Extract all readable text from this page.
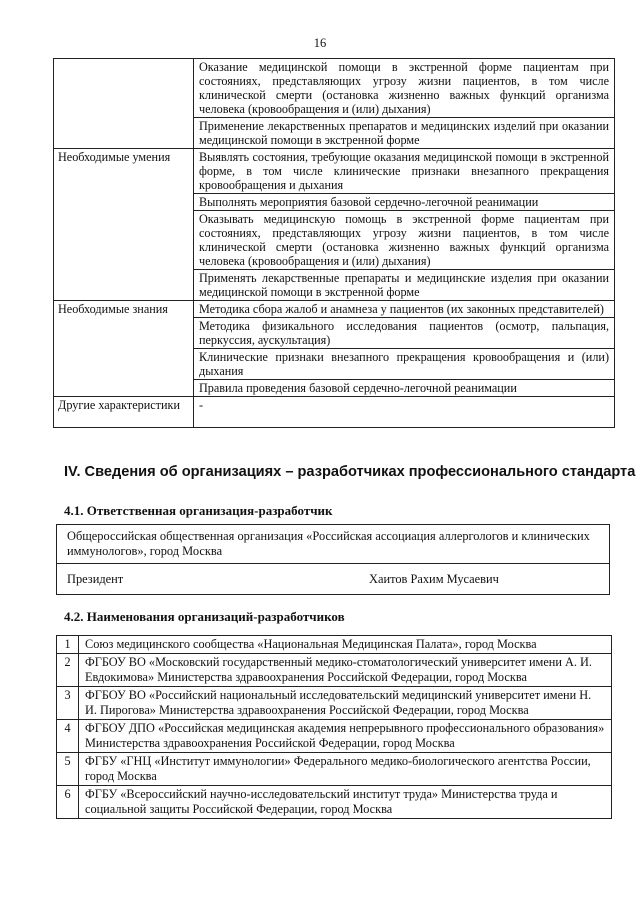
16
	Оказание медицинской помощи в экстренной форме пациентам при состояниях, представляющих угрозу жизни пациентов, в том числе клинической смерти (остановка жизненно важных функций организма человека (кровообращения и (или) дыхания)
	Применение лекарственных препаратов и медицинских изделий при оказании медицинской помощи в экстренной форме
Необходимые умения	Выявлять состояния, требующие оказания медицинской помощи в экстренной форме, в том числе клинические признаки внезапного прекращения кровообращения и дыхания
	Выполнять мероприятия базовой сердечно-легочной реанимации
	Оказывать медицинскую помощь в экстренной форме пациентам при состояниях, представляющих угрозу жизни пациентов, в том числе клинической смерти (остановка жизненно важных функций организма человека (кровообращения и (или) дыхания)
	Применять лекарственные препараты и медицинские изделия при оказании медицинской помощи в экстренной форме
Необходимые знания	Методика сбора жалоб и анамнеза у пациентов (их законных представителей)
	Методика физикального исследования пациентов (осмотр, пальпация, перкуссия, аускультация)
	Клинические признаки внезапного прекращения кровообращения и (или) дыхания
	Правила проведения базовой сердечно-легочной реанимации
Другие характеристики	-
IV. Сведения об организациях – разработчиках профессионального стандарта
4.1. Ответственная организация-разработчик
Общероссийская общественная организация «Российская ассоциация аллергологов и клинических иммунологов», город Москва
Президент	Хаитов Рахим Мусаевич
4.2. Наименования организаций-разработчиков
1	Союз медицинского сообщества «Национальная Медицинская Палата», город Москва
2	ФГБОУ ВО «Московский государственный медико-стоматологический университет имени А. И. Евдокимова» Министерства здравоохранения Российской Федерации, город Москва
3	ФГБОУ ВО «Российский национальный исследовательский медицинский университет имени Н. И. Пирогова» Министерства здравоохранения Российской Федерации, город Москва
4	ФГБОУ ДПО «Российская медицинская академия непрерывного профессионального образования» Министерства здравоохранения Российской Федерации, город Москва
5	ФГБУ «ГНЦ «Институт иммунологии» Федерального медико-биологического агентства России, город Москва
6	ФГБУ «Всероссийский научно-исследовательский институт труда» Министерства труда и социальной защиты Российской Федерации, город Москва
